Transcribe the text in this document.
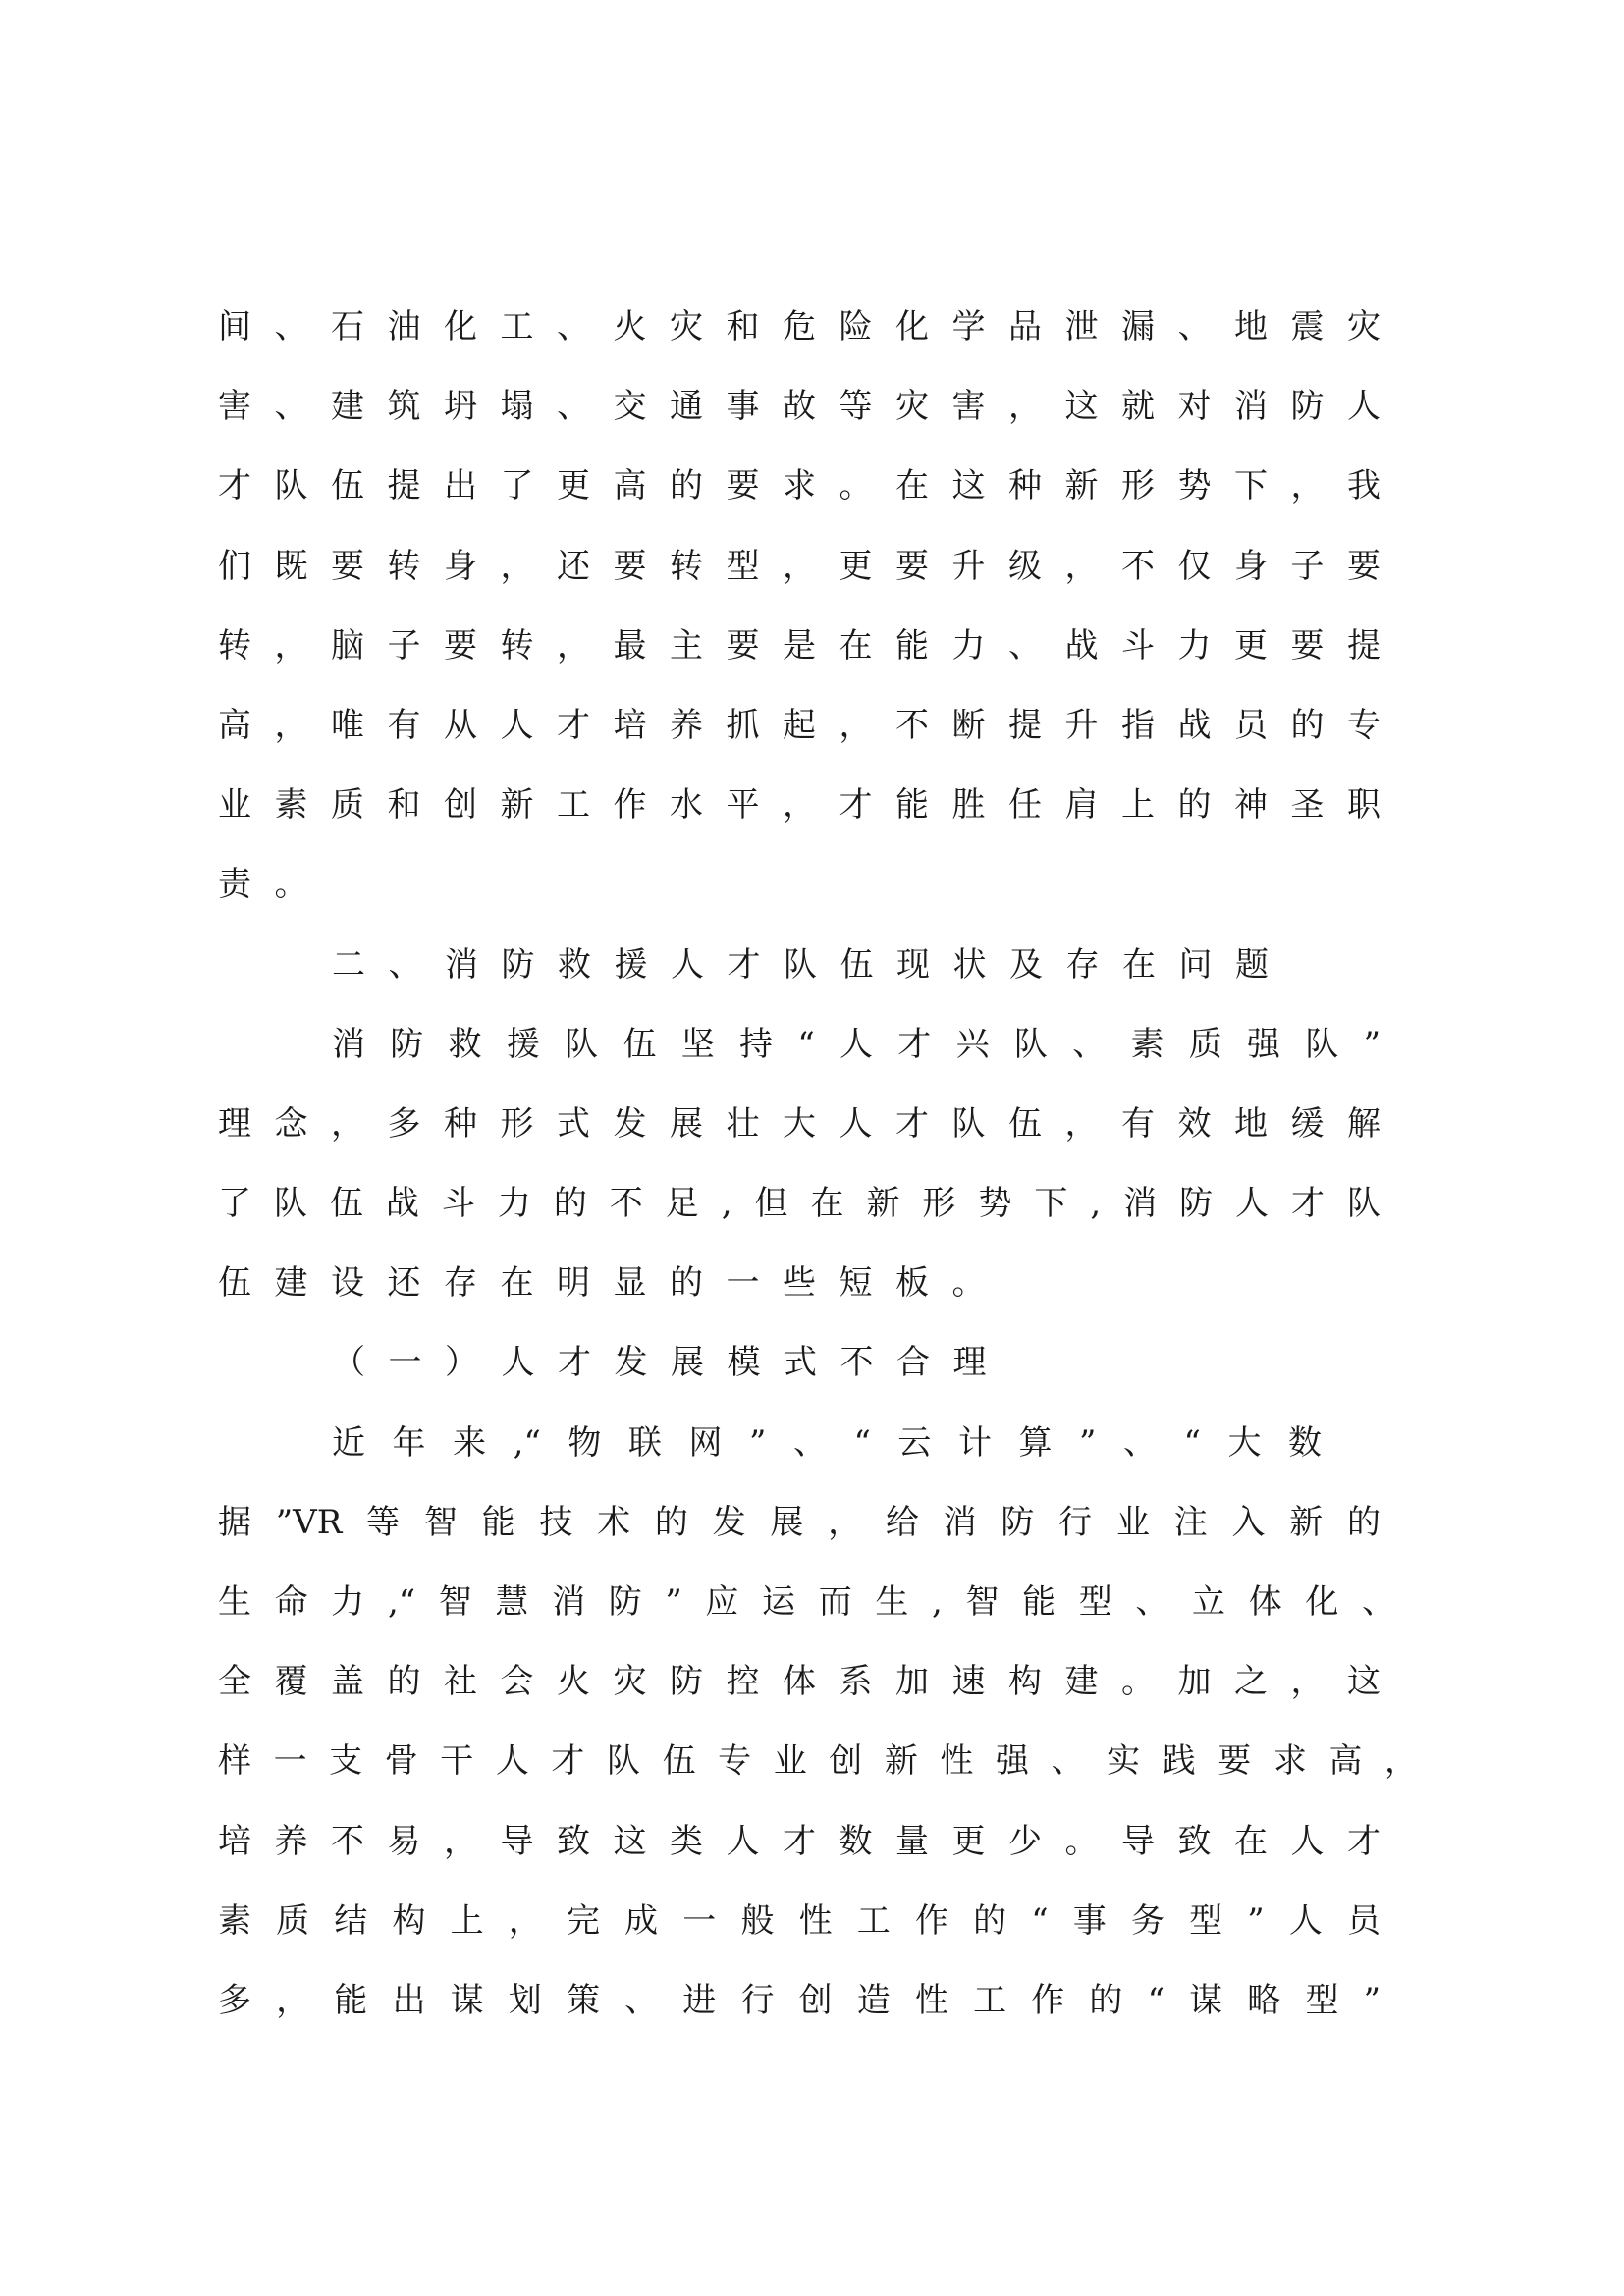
间、石油化工、火灾和危险化学品泄漏、地震灾
害、建筑坍塌、交通事故等灾害，这就对消防人
才队伍提出了更高的要求。在这种新形势下，我
们既要转身，还要转型，更要升级，不仅身子要
转，脑子要转，最主要是在能力、战斗力更要提
高，唯有从人才培养抓起，不断提升指战员的专
业素质和创新工作水平，才能胜任肩上的神圣职
责。
二、消防救援人才队伍现状及存在问题
消防救援队伍坚持“人才兴队、素质强队”
理念，多种形式发展壮大人才队伍，有效地缓解
了队伍战斗力的不足,但在新形势下,消防人才队
伍建设还存在明显的一些短板。
（一）人才发展模式不合理
近年来,“物联网”、“云计算”、“大数
据”VR等智能技术的发展，给消防行业注入新的
生命力,“智慧消防”应运而生,智能型、立体化、
全覆盖的社会火灾防控体系加速构建。加之，这
样一支骨干人才队伍专业创新性强、实践要求高，
培养不易，导致这类人才数量更少。导致在人才
素质结构上，完成一般性工作的“事务型”人员
多，能出谋划策、进行创造性工作的“谋略型”
